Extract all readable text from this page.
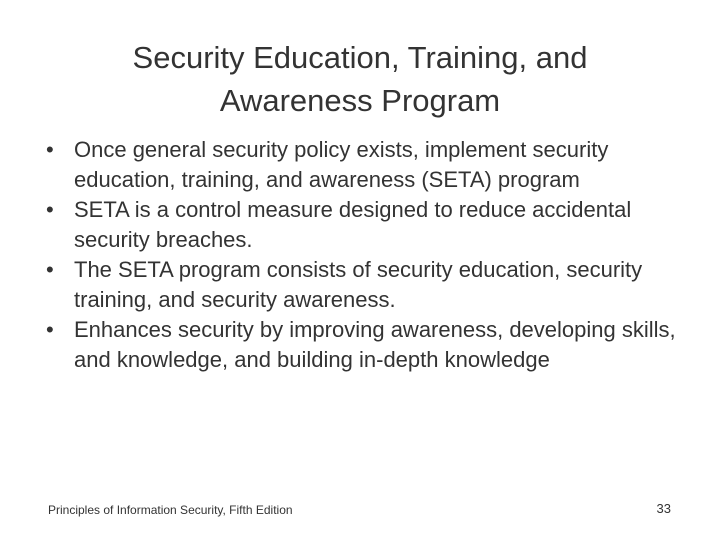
Security Education, Training, and
Awareness Program
• Once general security policy exists, implement security education, training, and awareness (SETA) program
• SETA is a control measure designed to reduce accidental security breaches.
• The SETA program consists of security education, security training, and security awareness.
• Enhances security by improving awareness, developing skills, and knowledge, and building in-depth knowledge
Principles of Information Security, Fifth Edition	33
